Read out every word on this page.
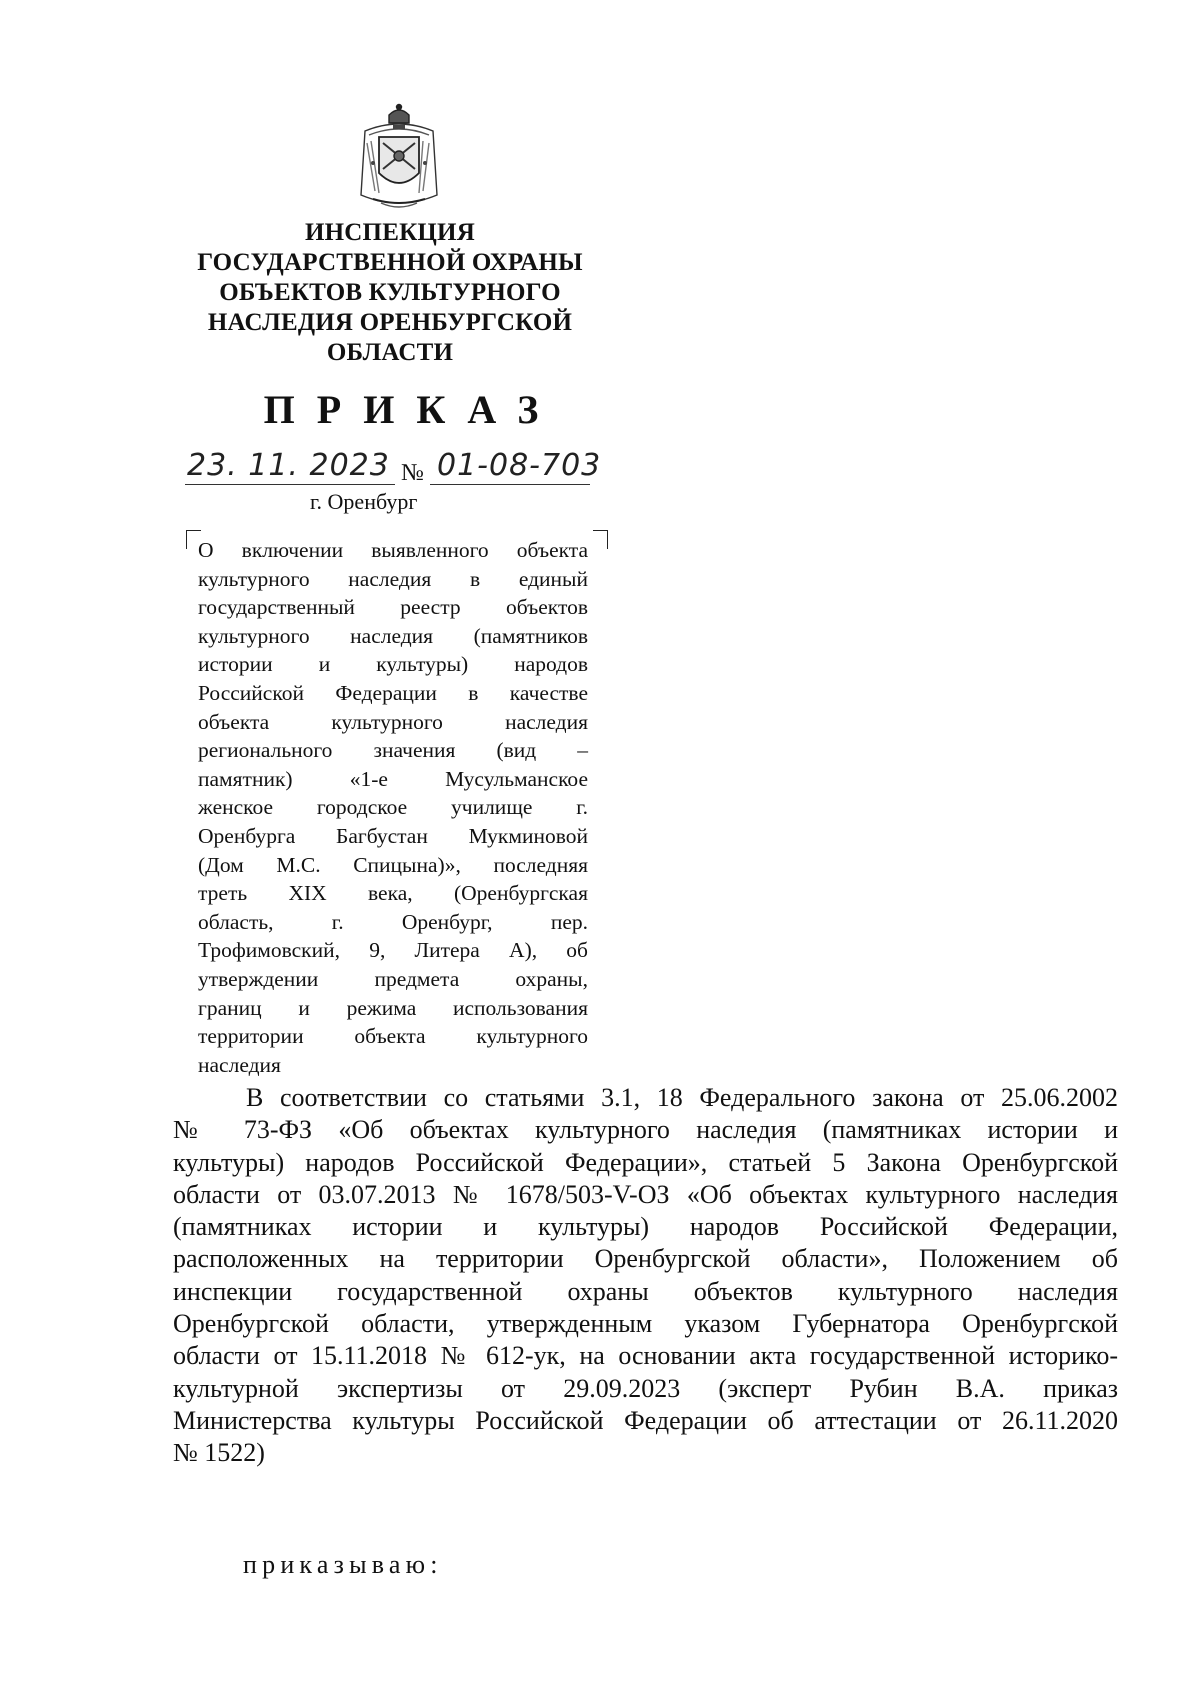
ИНСПЕКЦИЯ
ГОСУДАРСТВЕННОЙ ОХРАНЫ
ОБЪЕКТОВ КУЛЬТУРНОГО
НАСЛЕДИЯ ОРЕНБУРГСКОЙ
ОБЛАСТИ
ПРИКАЗ
23. 11. 2023 № 01-08-703
г. Оренбург
О включении выявленного объекта
культурного наследия в единый
государственный реестр объектов
культурного наследия (памятников
истории и культуры) народов
Российской Федерации в качестве
объекта культурного наследия
регионального значения (вид –
памятник) «1-е Мусульманское
женское городское училище г.
Оренбурга Багбустан Мукминовой
(Дом М.С. Спицына)», последняя
треть XIX века, (Оренбургская
область, г. Оренбург, пер.
Трофимовский, 9, Литера А), об
утверждении предмета охраны,
границ и режима использования
территории объекта культурного
наследия
В соответствии со статьями 3.1, 18 Федерального закона от 25.06.2002
№ 73-ФЗ «Об объектах культурного наследия (памятниках истории и
культуры) народов Российской Федерации», статьей 5 Закона Оренбургской
области от 03.07.2013 № 1678/503-V-ОЗ «Об объектах культурного наследия
(памятниках истории и культуры) народов Российской Федерации,
расположенных на территории Оренбургской области», Положением об
инспекции государственной охраны объектов культурного наследия
Оренбургской области, утвержденным указом Губернатора Оренбургской
области от 15.11.2018 № 612-ук, на основании акта государственной историко-
культурной экспертизы от 29.09.2023 (эксперт Рубин В.А. приказ
Министерства культуры Российской Федерации об аттестации от 26.11.2020
№ 1522)
приказываю:
